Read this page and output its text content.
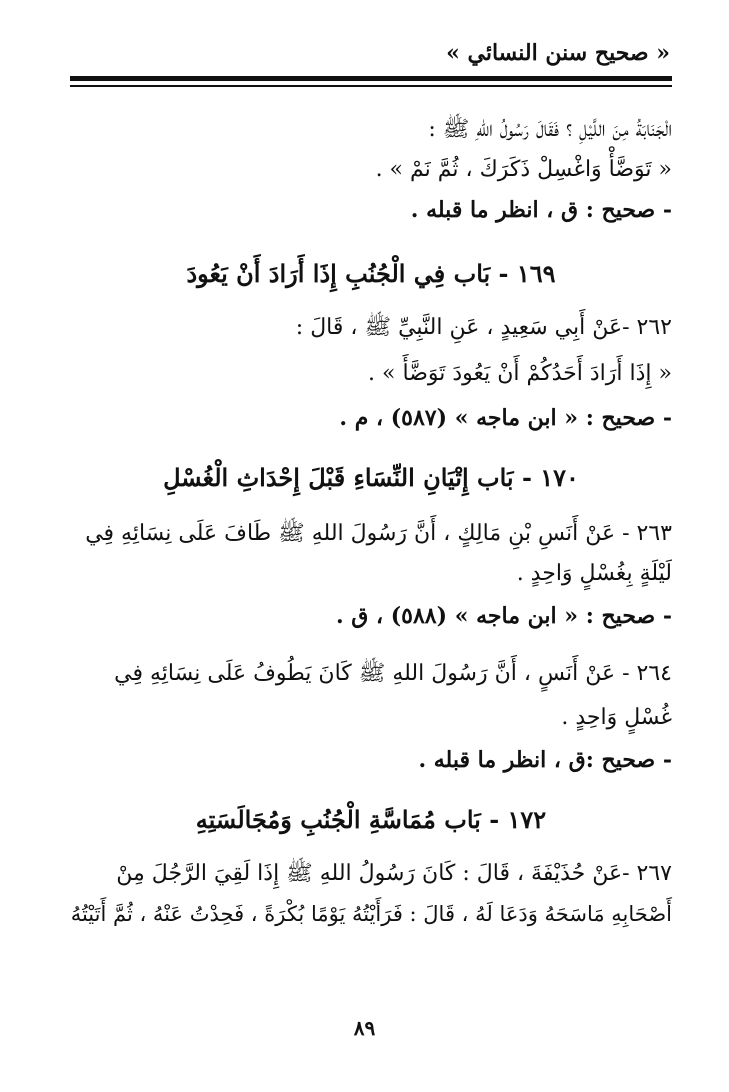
« صحيح سنن النسائي »
الْجَنَابَةُ مِنَ اللَّيْلِ ؟ فَقَالَ رَسُولُ اللهِ ﷺ :
« تَوَضَّأْ وَاغْسِلْ ذَكَرَكَ ، ثُمَّ نَمْ » .
- صحيح : ق ، انظر ما قبله .
١٦٩ - بَاب فِي الْجُنُبِ إِذَا أَرَادَ أَنْ يَعُودَ
٢٦٢ -عَنْ أَبِي سَعِيدٍ ، عَنِ النَّبِيِّ ﷺ ، قَالَ :
« إِذَا أَرَادَ أَحَدُكُمْ أَنْ يَعُودَ تَوَضَّأَ » .
- صحيح : « ابن ماجه » (٥٨٧) ، م .
١٧٠ - بَاب إِتْيَانِ النِّسَاءِ قَبْلَ إِحْدَاثِ الْغُسْلِ
٢٦٣ - عَنْ أَنَسِ بْنِ مَالِكٍ ، أَنَّ رَسُولَ اللهِ ﷺ طَافَ عَلَى نِسَائِهِ فِي
لَيْلَةٍ بِغُسْلٍ وَاحِدٍ .
- صحيح : « ابن ماجه » (٥٨٨) ، ق .
٢٦٤ - عَنْ أَنَسٍ ، أَنَّ رَسُولَ اللهِ ﷺ كَانَ يَطُوفُ عَلَى نِسَائِهِ فِي
غُسْلٍ وَاحِدٍ .
- صحيح :ق ، انظر ما قبله .
١٧٢ - بَاب مُمَاسَّةِ الْجُنُبِ وَمُجَالَسَتِهِ
٢٦٧ -عَنْ حُذَيْفَةَ ، قَالَ : كَانَ رَسُولُ اللهِ ﷺ إِذَا لَقِيَ الرَّجُلَ مِنْ
أَصْحَابِهِ مَاسَحَهُ وَدَعَا لَهُ ، قَالَ : فَرَأَيْتُهُ يَوْمًا بُكْرَةً ، فَحِدْتُ عَنْهُ ، ثُمَّ أَتَيْتُهُ
٨٩
